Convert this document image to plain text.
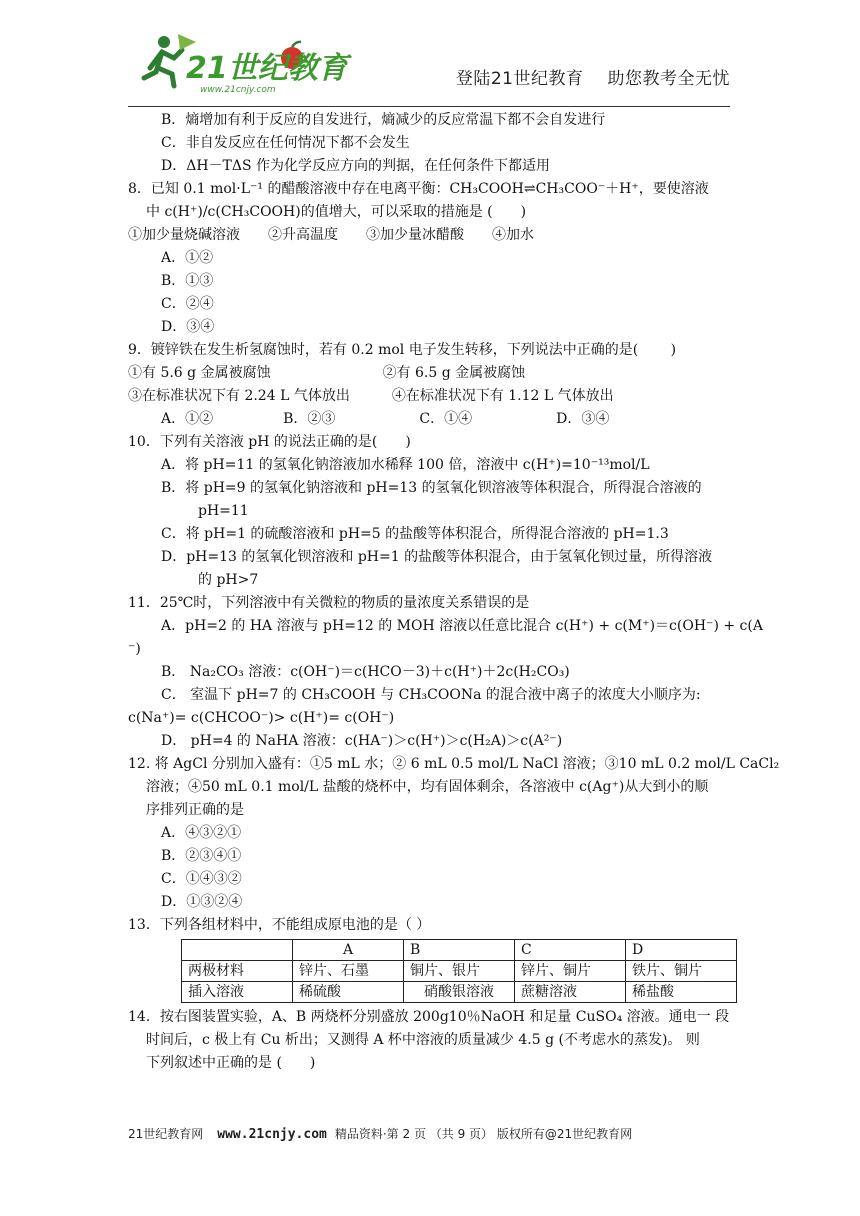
21世纪教育
www.21cnjy.com
登陆21世纪教育 助您教考全无忧
B．熵增加有利于反应的自发进行，熵减少的反应常温下都不会自发进行
C．非自发反应在任何情况下都不会发生
D．ΔH－TΔS 作为化学反应方向的判据，在任何条件下都适用
8．已知 0.1 mol·L⁻¹ 的醋酸溶液中存在电离平衡：CH₃COOH⇌CH₃COO⁻＋H⁺，要使溶液
中 c(H⁺)/c(CH₃COOH)的值增大，可以采取的措施是 (　　)
①加少量烧碱溶液　　②升高温度　　③加少量冰醋酸　　④加水
A．①②
B．①③
C．②④
D．③④
9．镀锌铁在发生析氢腐蚀时，若有 0.2 mol 电子发生转移，下列说法中正确的是(　　 )
①有 5.6 g 金属被腐蚀　　　　　　　　②有 6.5 g 金属被腐蚀
③在标准状况下有 2.24 L 气体放出　　　④在标准状况下有 1.12 L 气体放出
A．①②　　　　　B．②③　　　　　　C．①④　　　　　　D．③④
10．下列有关溶液 pH 的说法正确的是(　　)
A．将 pH=11 的氢氧化钠溶液加水稀释 100 倍，溶液中 c(H⁺)=10⁻¹³mol/L
B．将 pH=9 的氢氧化钠溶液和 pH=13 的氢氧化钡溶液等体积混合，所得混合溶液的
pH=11
C．将 pH=1 的硫酸溶液和 pH=5 的盐酸等体积混合，所得混合溶液的 pH=1.3
D．pH=13 的氢氧化钡溶液和 pH=1 的盐酸等体积混合，由于氢氧化钡过量，所得溶液
的 pH>7
11．25℃时，下列溶液中有关微粒的物质的量浓度关系错误的是
A．pH=2 的 HA 溶液与 pH=12 的 MOH 溶液以任意比混合 c(H⁺) + c(M⁺)＝c(OH⁻) + c(A
⁻)
B． Na₂CO₃ 溶液：c(OH⁻)＝c(HCO－3)＋c(H⁺)＋2c(H₂CO₃)
C． 室温下 pH=7 的 CH₃COOH 与 CH₃COONa 的混合液中离子的浓度大小顺序为:
c(Na⁺)= c(CHCOO⁻)> c(H⁺)= c(OH⁻)
D． pH=4 的 NaHA 溶液：c(HA⁻)＞c(H⁺)＞c(H₂A)＞c(A²⁻)
12. 将 AgCl 分别加入盛有：①5 mL 水；② 6 mL 0.5 mol/L NaCl 溶液；③10 mL 0.2 mol/L CaCl₂
溶液；④50 mL 0.1 mol/L 盐酸的烧杯中，均有固体剩余，各溶液中 c(Ag⁺)从大到小的顺
序排列正确的是
A．④③②①
B．②③④①
C．①④③②
D．①③②④
13．下列各组材料中，不能组成原电池的是（ ）
	A	B	C	D
两极材料	锌片、石墨	铜片、银片	锌片、铜片	铁片、铜片
插入溶液	稀硫酸	硝酸银溶液	蔗糖溶液	稀盐酸
14．按右图装置实验，A、B 两烧杯分别盛放 200g10％NaOH 和足量 CuSO₄ 溶液。通电一 段
时间后，c 极上有 Cu 析出；又测得 A 杯中溶液的质量减少 4.5 g (不考虑水的蒸发)。 则
下列叙述中正确的是 (　　)
21世纪教育网 www.21cnjy.com 精品资料·第 2 页 （共 9 页） 版权所有@21世纪教育网
